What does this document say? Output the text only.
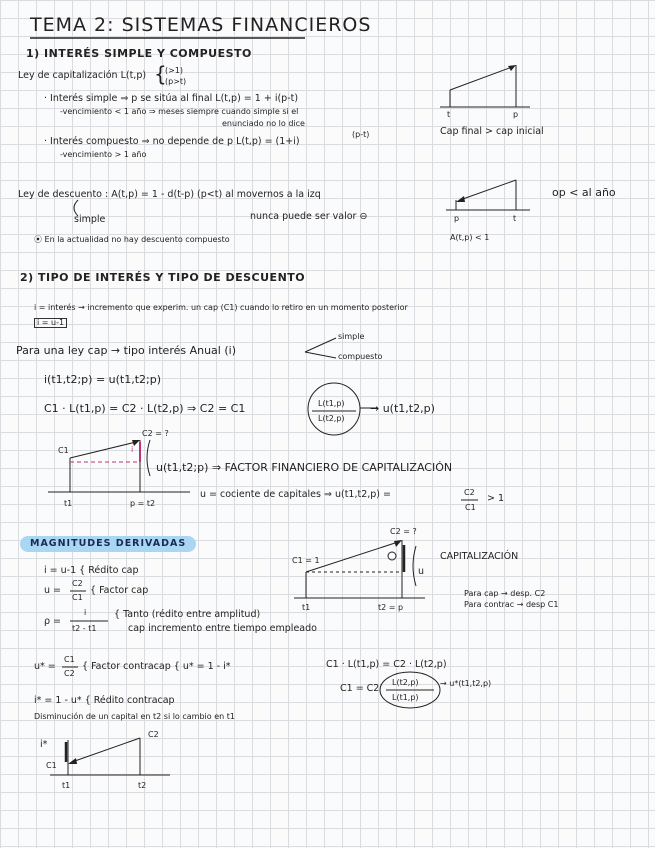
TEMA 2: SISTEMAS FINANCIEROS
1) INTERÉS SIMPLE Y COMPUESTO
Ley de capitalización L(t,p) {
(>1)
(p>t)
· Interés simple ⇒ p se sitúa al final L(t,p) = 1 + i(p-t)
-vencimiento < 1 año ⇒ meses siempre cuando simple si el
enunciado no lo dice
· Interés compuesto ⇒ no depende de p L(t,p) = (1+i)
(p-t)
-vencimiento > 1 año
t	p
Cap final > cap inicial
Ley de descuento : A(t,p) = 1 - d(t-p) (p<t) al movernos a la izq
simple	nunca puede ser valor ⊖
⦿ En la actualidad no hay descuento compuesto
p	t
A(t,p) < 1
op < al año
2) TIPO DE INTERÉS Y TIPO DE DESCUENTO
i = interés → incremento que experim. un cap (C1) cuando lo retiro en un momento posterior
i = u-1
Para una ley cap → tipo interés Anual (i)
simple
compuesto
i(t1,t2;p) = u(t1,t2;p)
C1 · L(t1,p) = C2 · L(t2,p) ⇒ C2 = C1	L(t1,p)
L(t2,p)
→ u(t1,t2,p)
C2 = ?
C1	i
t1	p = t2
u(t1,t2;p) ⇒ FACTOR FINANCIERO DE CAPITALIZACIÓN
u = cociente de capitales ⇒ u(t1,t2,p) =	C2
C1
> 1
MAGNITUDES DERIVADAS
i = u-1 { Rédito cap
u =
C2
C1
{ Factor cap
ρ =
i
t2 - t1
{ Tanto (rédito entre amplitud)
cap incremento entre tiempo empleado
C1 = 1
C2 = ?
t1	t2 = p
u
CAPITALIZACIÓN
Para cap → desp. C2
Para contrac → desp C1
u* =
C1
C2
{ Factor contracap { u* = 1 - i*	C1 · L(t1,p) = C2 · L(t2,p)
C1 = C2
L(t2,p)
L(t1,p)
→ u*(t1,t2,p)
i* = 1 - u* { Rédito contracap
Disminución de un capital en t2 si lo cambio en t1
i*
C1
C2
t1	t2
